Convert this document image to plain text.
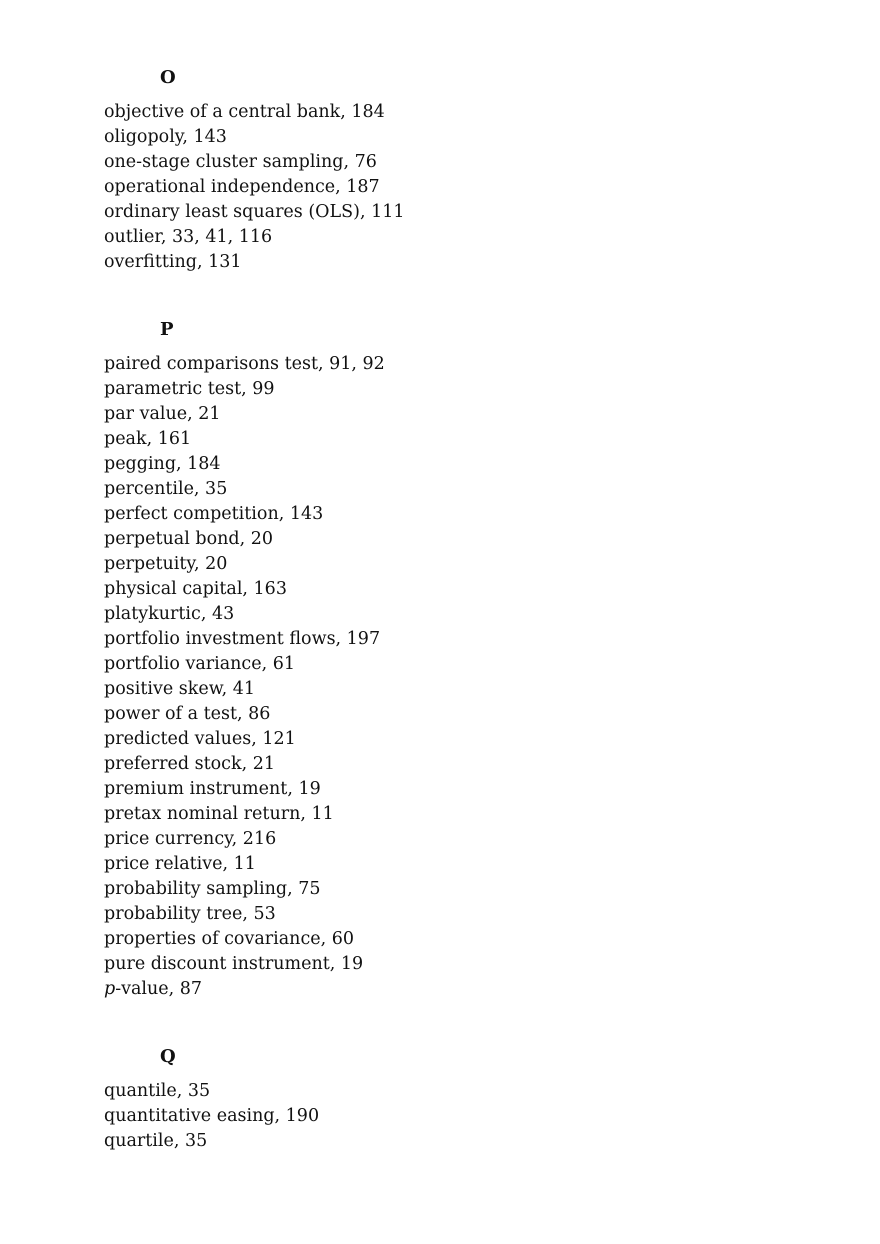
O
objective of a central bank, 184
oligopoly, 143
one-stage cluster sampling, 76
operational independence, 187
ordinary least squares (OLS), 111
outlier, 33, 41, 116
overfitting, 131
P
paired comparisons test, 91, 92
parametric test, 99
par value, 21
peak, 161
pegging, 184
percentile, 35
perfect competition, 143
perpetual bond, 20
perpetuity, 20
physical capital, 163
platykurtic, 43
portfolio investment flows, 197
portfolio variance, 61
positive skew, 41
power of a test, 86
predicted values, 121
preferred stock, 21
premium instrument, 19
pretax nominal return, 11
price currency, 216
price relative, 11
probability sampling, 75
probability tree, 53
properties of covariance, 60
pure discount instrument, 19
p-value, 87
Q
quantile, 35
quantitative easing, 190
quartile, 35
